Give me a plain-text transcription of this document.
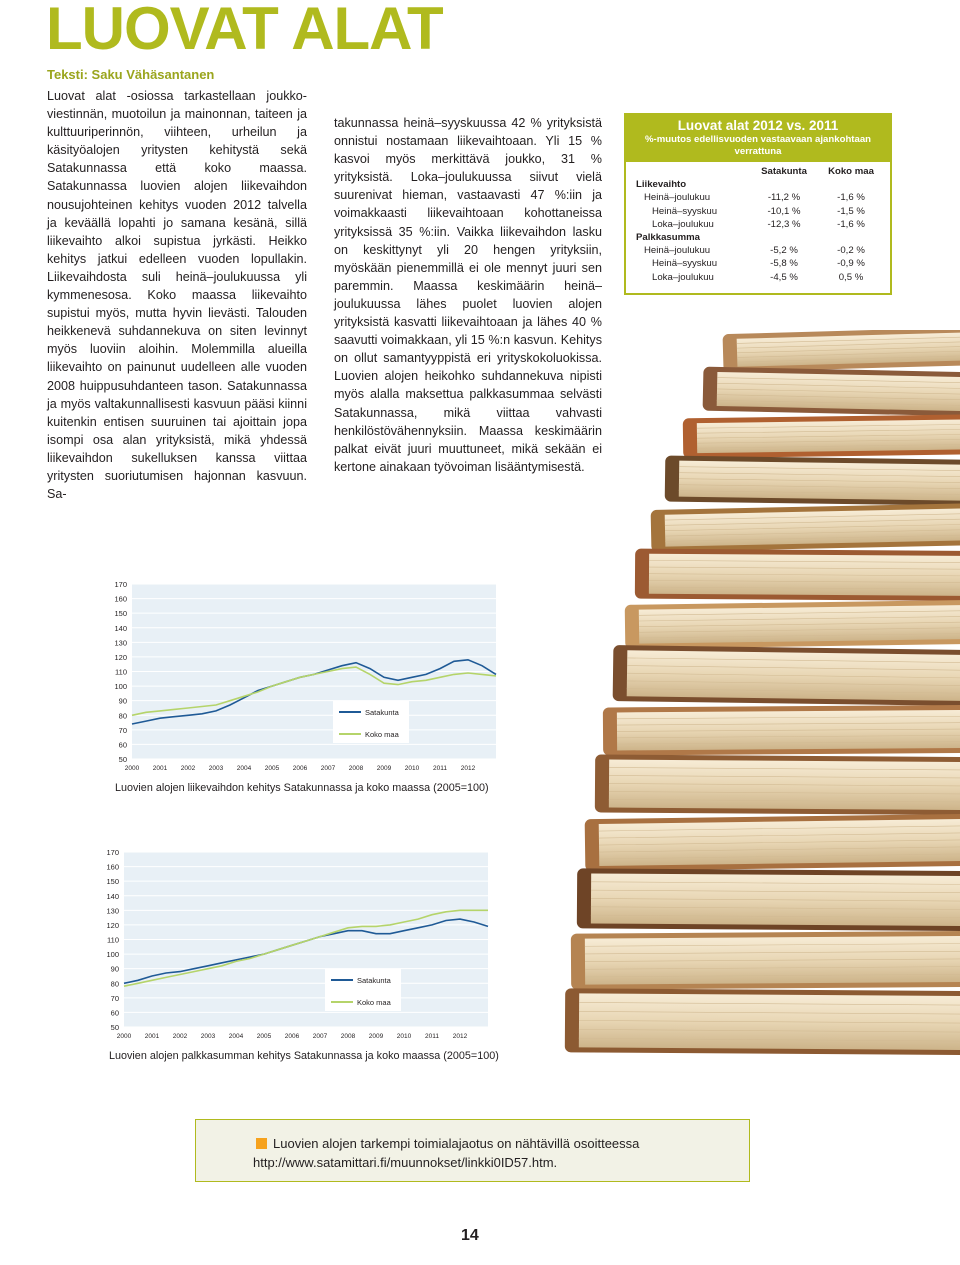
LUOVAT ALAT
Teksti: Saku Vähäsantanen

Luovat alat -osiossa tarkastellaan joukko-viestinnän, muotoilun ja mainonnan, taiteen ja kulttuuriperinnön, viihteen, urheilun ja käsityöalojen yritysten kehitystä sekä Satakunnassa että koko maassa. Satakunnassa luovien alojen liikevaihdon nousujohteinen kehitys vuoden 2012 talvella ja keväällä lopahti jo samana kesänä, sillä liikevaihto alkoi supistua jyrkästi. Heikko kehitys jatkui edelleen vuoden lopullakin. Liikevaihdosta suli heinä–joulukuussa yli kymmenesosa. Koko maassa liikevaihto supistui myös, mutta hyvin lievästi. Talouden heikkenevä suhdannekuva on siten levinnyt myös luoviin aloihin. Molemmilla alueilla liikevaihto on painunut uudelleen alle vuoden 2008 huippusuhdanteen tason. Satakunnassa ja myös valtakunnallisesti kasvuun pääsi kiinni kuitenkin entisen suuruinen tai ajoittain jopa isompi osa alan yrityksistä, mikä yhdessä liikevaihdon sukelluksen kanssa viittaa yritysten suoriutumisen hajonnan kasvuun. Sa-

takunnassa heinä–syyskuussa 42 % yrityksistä onnistui nostamaan liikevaihtoaan. Yli 15 % kasvoi myös merkittävä joukko, 31 % yrityksistä. Loka–joulukuussa siivut vielä suurenivat hieman, vastaavasti 47 %:iin ja voimakkaasti liikevaihtoaan kohottaneissa yrityksissä 35 %:iin. Vaikka liikevaihdon lasku on keskittynyt yli 20 hengen yrityksiin, myöskään pienemmillä ei ole mennyt juuri sen paremmin. Maassa keskimäärin heinä–joulukuussa lähes puolet luovien alojen yrityksistä kasvatti liikevaihtoaan ja lähes 40 % saavutti voimakkaan, yli 15 %:n kasvun. Kehitys on ollut samantyyppistä eri yrityskokoluokissa. Luovien alojen heikohko suhdannekuva nipisti myös alalla maksettua palkkasummaa selvästi Satakunnassa, mikä viittaa vahvasti henkilöstövähennyksiin. Maassa keskimäärin palkat eivät juuri muuttuneet, mikä sekään ei kertone ainakaan työvoiman lisääntymisestä.

Luovat alat 2012 vs. 2011
%-muutos edellisvuoden vastaavaan ajankohtaan verrattuna
	Satakunta	Koko maa
Liikevaihto		
Heinä–joulukuu	-11,2 %	-1,6 %
Heinä–syyskuu	-10,1 %	-1,5 %
Loka–joulukuu	-12,3 %	-1,6 %
Palkkasumma		
Heinä–joulukuu	-5,2 %	-0,2 %
Heinä–syyskuu	-5,8 %	-0,9 %
Loka–joulukuu	-4,5 %	0,5 %
170
160
150
140
130
120
110
100
90
80
70
60
50
2000 2001 2002 2003 2004 2005 2006 2007 2008 2009 2010 2011 2012
Satakunta
Koko maa
Luovien alojen liikevaihdon kehitys Satakunnassa ja koko maassa (2005=100)
170
160
150
140
130
120
110
100
90
80
70
60
50
2000 2001 2002 2003 2004 2005 2006 2007 2008 2009 2010 2011 2012
Satakunta
Koko maa
Luovien alojen palkkasumman kehitys Satakunnassa ja koko maassa (2005=100)
Luovien alojen tarkempi toimialajaotus on nähtävillä osoitteessa
http://www.satamittari.fi/muunnokset/linkki0ID57.htm.
14
